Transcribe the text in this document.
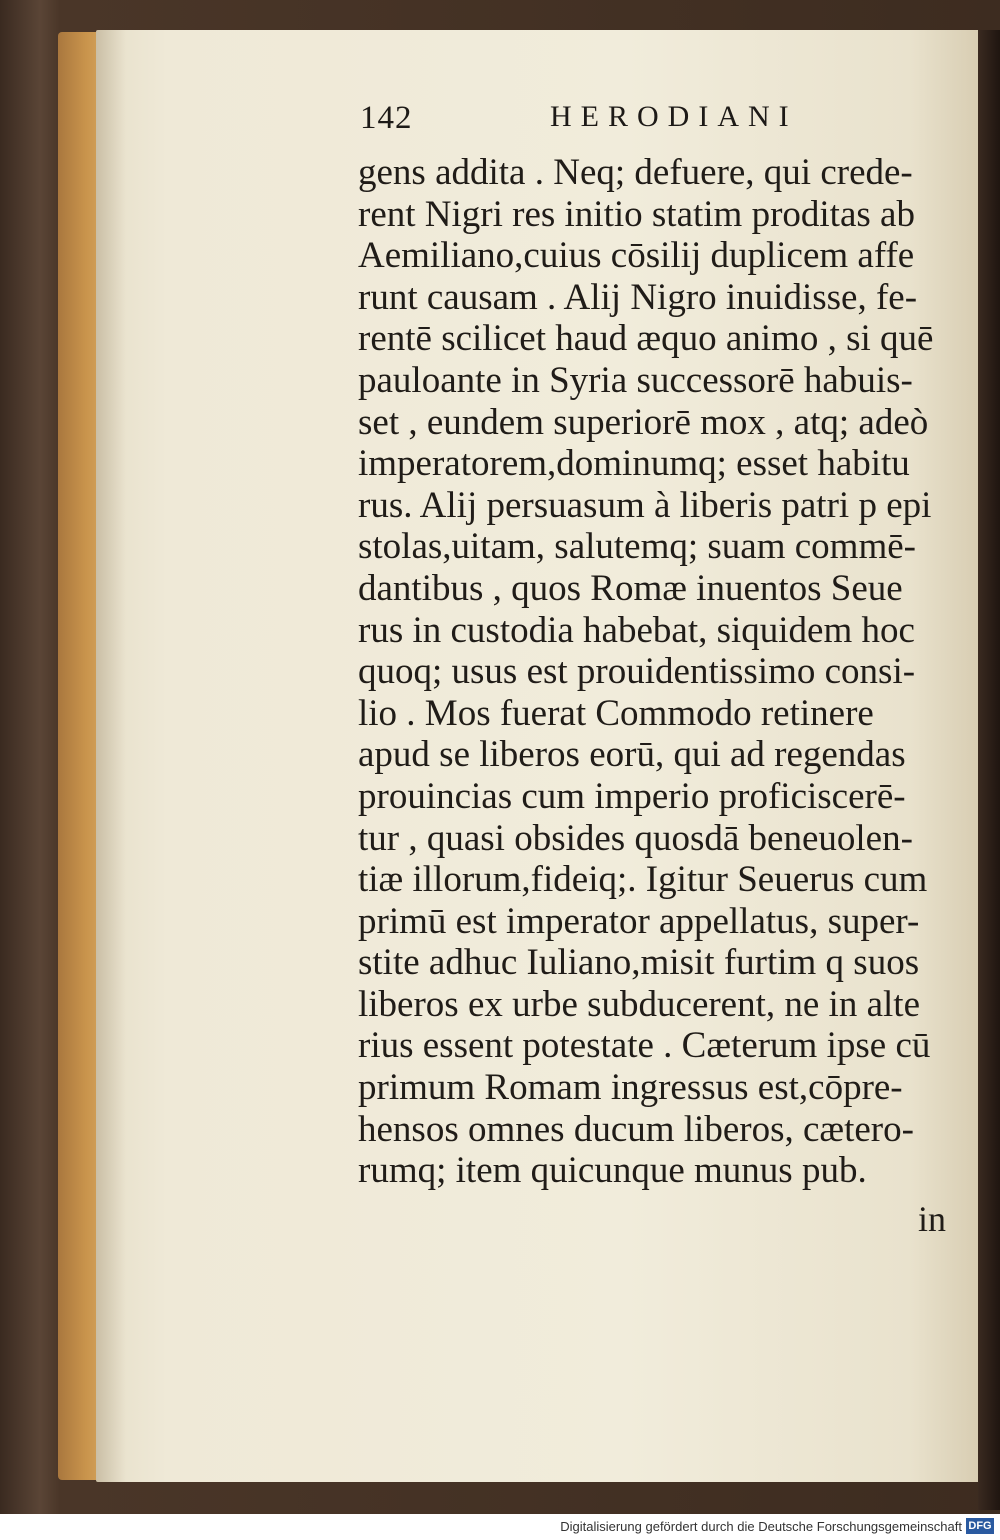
142	HERODIANI
gens addita . Neq; defuere, qui crede-
rent Nigri res initio statim proditas ab
Aemiliano,cuius cōsilij duplicem affe
runt causam . Alij Nigro inuidisse, fe-
rentē scilicet haud æquo animo , si quē
pauloante in Syria successorē habuis-
set , eundem superiorē mox , atq; adeò
imperatorem,dominumq; esset habitu
rus. Alij persuasum à liberis patri p epi
stolas,uitam, salutemq; suam commē-
dantibus , quos Romæ inuentos Seue
rus in custodia habebat, siquidem hoc
quoq; usus est prouidentissimo consi-
lio . Mos fuerat Commodo retinere
apud se liberos eorū, qui ad regendas
prouincias cum imperio proficiscerē-
tur , quasi obsides quosdā beneuolen-
tiæ illorum,fideiq;. Igitur Seuerus cum
primū est imperator appellatus, super-
stite adhuc Iuliano,misit furtim q suos
liberos ex urbe subducerent, ne in alte
rius essent potestate . Cæterum ipse cū
primum Romam ingressus est,cōpre-
hensos omnes ducum liberos, cætero-
rumq; item quicunque munus pub.
in
Digitalisierung gefördert durch die Deutsche Forschungsgemeinschaft DFG
